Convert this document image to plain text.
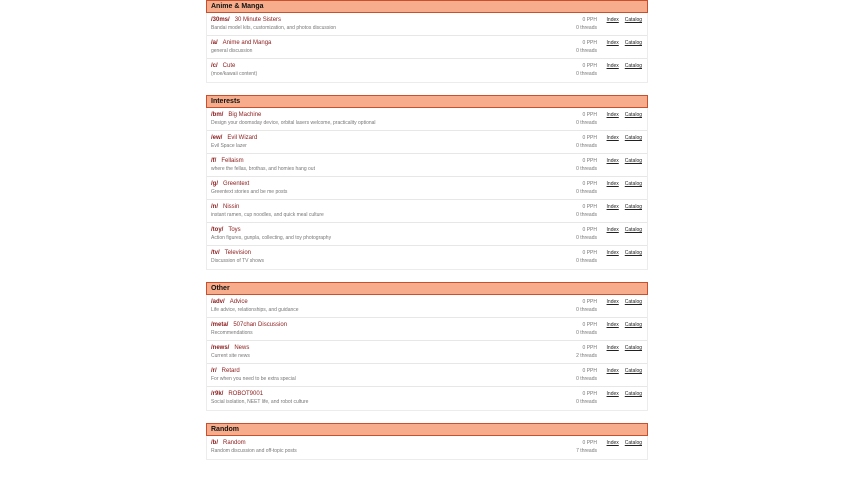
Anime & Manga
/30ms/ 30 Minute Sisters
Bandai model kits, customization, and photos discussion
0 PPH
0 threads
Index Catalog
/a/ Anime and Manga
general discussion
0 PPH
0 threads
Index Catalog
/c/ Cute
(moe/kawaii content)
0 PPH
0 threads
Index Catalog
Interests
/bm/ Big Machine
Design your doomsday device, orbital lasers welcome, practicality optional
0 PPH
0 threads
Index Catalog
/ew/ Evil Wizard
Evil Space lazer
0 PPH
0 threads
Index Catalog
/f/ Fellaism
where the fellas, brothas, and homies hang out
0 PPH
0 threads
Index Catalog
/g/ Greentext
Greentext stories and be me posts
0 PPH
0 threads
Index Catalog
/n/ Nissin
instant ramen, cup noodles, and quick meal culture
0 PPH
0 threads
Index Catalog
/toy/ Toys
Action figures, gunpla, collecting, and toy photography
0 PPH
0 threads
Index Catalog
/tv/ Television
Discussion of TV shows
0 PPH
0 threads
Index Catalog
Other
/adv/ Advice
Life advice, relationships, and guidance
0 PPH
0 threads
Index Catalog
/meta/ 507chan Discussion
Recommendations
0 PPH
0 threads
Index Catalog
/news/ News
Current site news
0 PPH
2 threads
Index Catalog
/r/ Retard
For when you need to be extra special
0 PPH
0 threads
Index Catalog
/r9k/ ROBOT9001
Social isolation, NEET life, and robot culture
0 PPH
0 threads
Index Catalog
Random
/b/ Random
Random discussion and off-topic posts
0 PPH
7 threads
Index Catalog
